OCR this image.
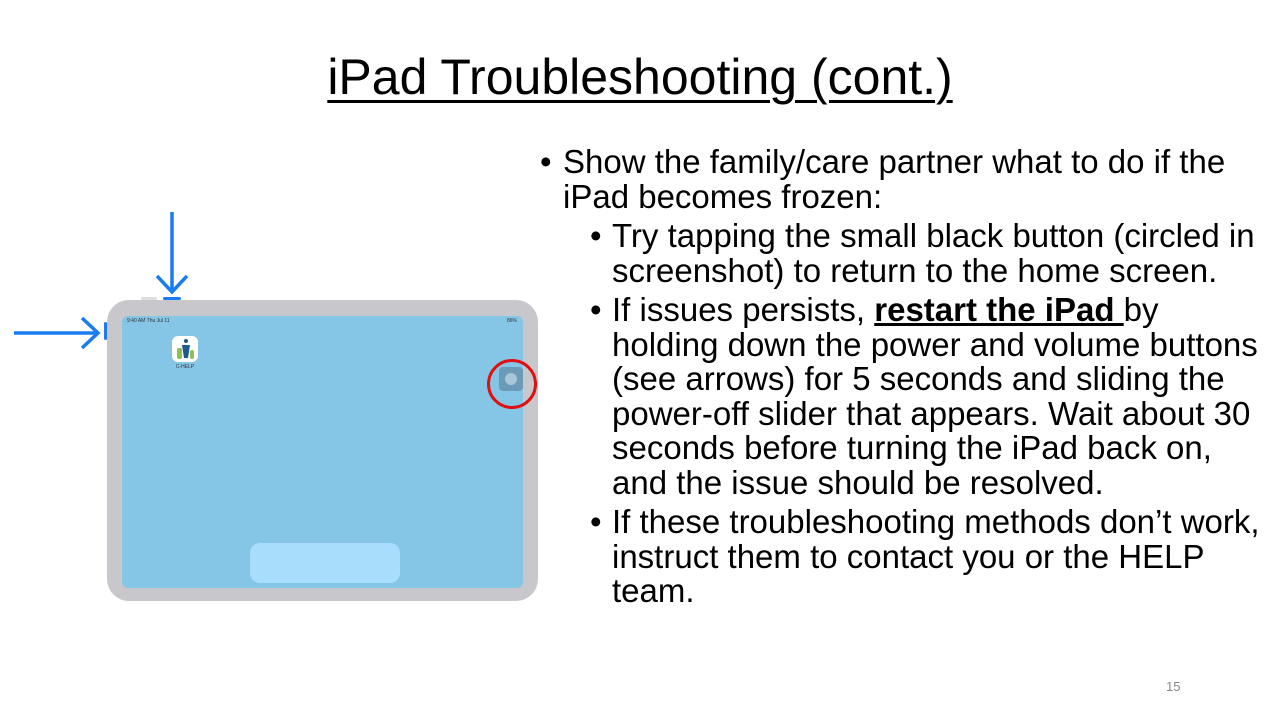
iPad Troubleshooting (cont.)
9:40 AM Thu Jul 11	86%
C-HELP
• Show the family/care partner what to do if the iPad becomes frozen:
• Try tapping the small black button (circled in screenshot) to return to the home screen.
• If issues persists, restart the iPad by holding down the power and volume buttons (see arrows) for 5 seconds and sliding the power-off slider that appears. Wait about 30 seconds before turning the iPad back on, and the issue should be resolved.
• If these troubleshooting methods don’t work, instruct them to contact you or the HELP team.
15
